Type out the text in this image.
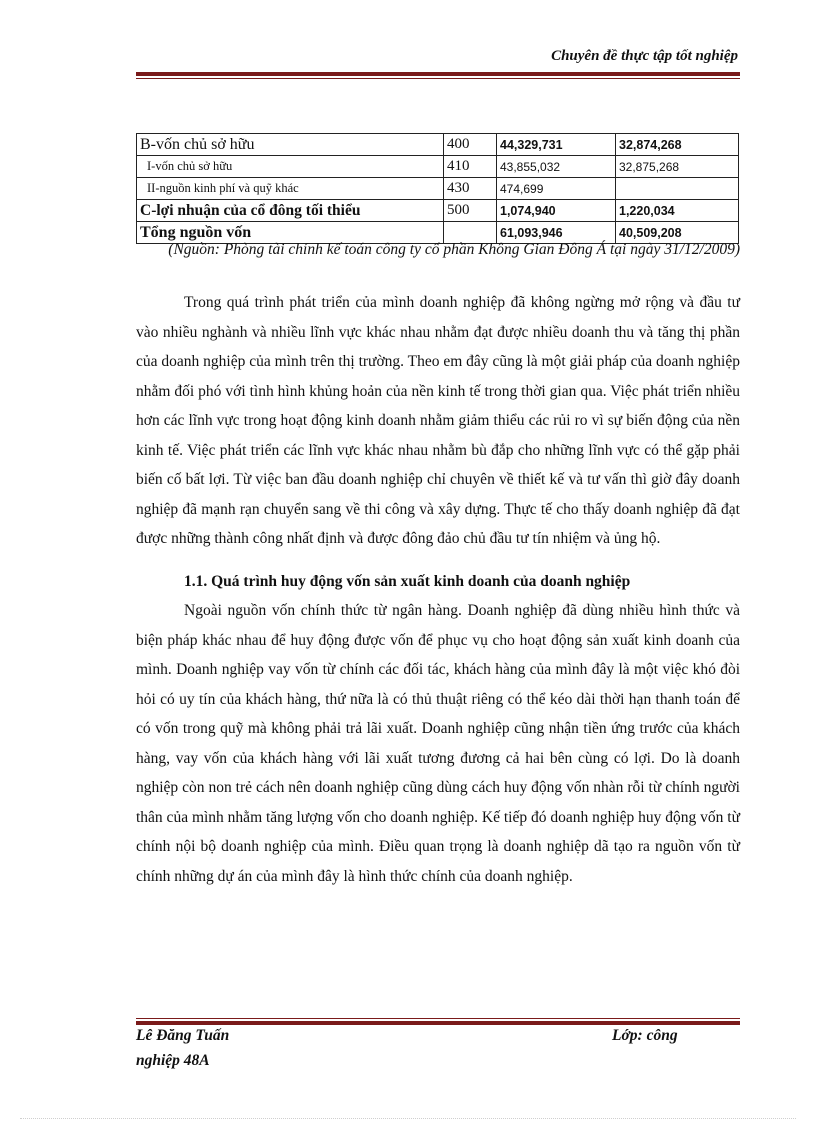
Chuyên đề thực tập tốt nghiệp
B-vốn chủ sở hữu	400	44,329,731	32,874,268
I-vốn chủ sở hữu	410	43,855,032	32,875,268
II-nguồn kinh phí và quỹ khác	430	474,699	
C-lợi nhuận của cổ đông tối thiểu	500	1,074,940	1,220,034
Tổng nguồn vốn		61,093,946	40,509,208
(Nguồn: Phòng tài chính kế toán công ty cổ phần Không Gian Đông Á tại ngày 31/12/2009)

Trong quá trình phát triển của mình doanh nghiệp đã không ngừng mở rộng và đầu tư vào nhiều nghành và nhiều lĩnh vực khác nhau nhằm đạt được nhiều doanh thu và tăng thị phần của doanh nghiệp của mình trên thị trường. Theo em đây cũng là một giải pháp của doanh nghiệp nhằm đối phó với tình hình khủng hoản của nền kinh tế trong thời gian qua. Việc phát triển nhiều hơn các lĩnh vực trong hoạt động kinh doanh nhằm giảm thiểu các rủi ro vì sự biến động của nền kinh tế. Việc phát triển các lĩnh vực khác nhau nhằm bù đắp cho những lĩnh vực có thể gặp phải biến cố bất lợi. Từ việc ban đầu doanh nghiệp chỉ chuyên về thiết kế và tư vấn thì giờ đây doanh nghiệp đã mạnh rạn chuyển sang về thi công và xây dựng. Thực tế cho thấy doanh nghiệp đã đạt được những thành công nhất định và được đông đảo chủ đầu tư tín nhiệm và ủng hộ.

1.1. Quá trình huy động vốn sản xuất kinh doanh của doanh nghiệp

Ngoài nguồn vốn chính thức từ ngân hàng. Doanh nghiệp đã dùng nhiều hình thức và biện pháp khác nhau để huy động được vốn để phục vụ cho hoạt động sản xuất kinh doanh của mình. Doanh nghiệp vay vốn từ chính các đối tác, khách hàng của mình đây là một việc khó đòi hỏi có uy tín của khách hàng, thứ nữa là có thủ thuật riêng có thể kéo dài thời hạn thanh toán để có vốn trong quỹ mà không phải trả lãi xuất. Doanh nghiệp cũng nhận tiền ứng trước của khách hàng, vay vốn của khách hàng với lãi xuất tương đương cả hai bên cùng có lợi. Do là doanh nghiệp còn non trẻ cách nên doanh nghiệp cũng dùng cách huy động vốn nhàn rỗi từ chính người thân của mình nhằm tăng lượng vốn cho doanh nghiệp. Kế tiếp đó doanh nghiệp huy động vốn từ chính nội bộ doanh nghiệp của mình. Điều quan trọng là doanh nghiệp dã tạo ra nguồn vốn từ chính những dự án của mình đây là hình thức chính của doanh nghiệp.

Lê Đăng Tuấn	Lớp: công
nghiệp 48A
